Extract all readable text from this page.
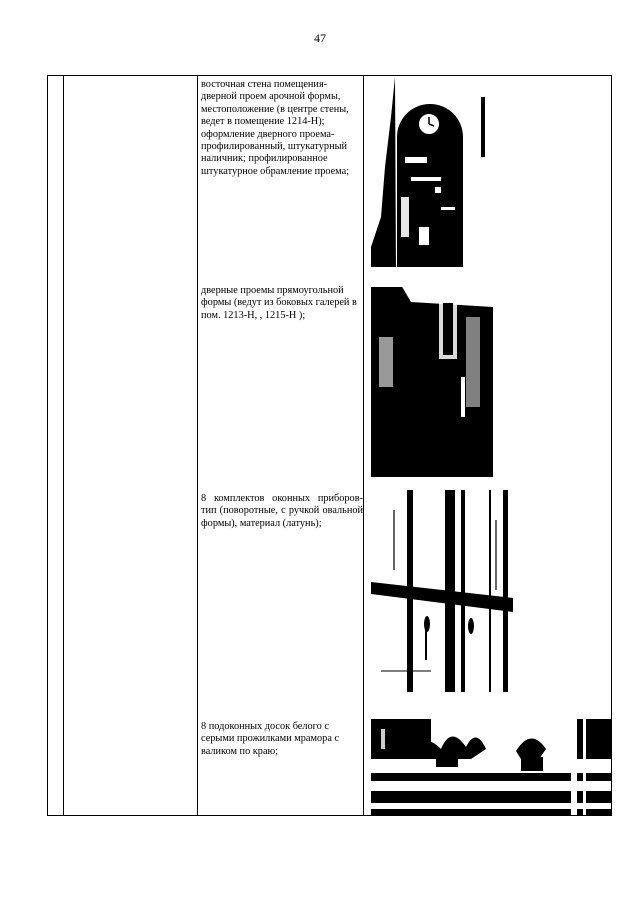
47
восточная стена помещения- дверной проем арочной формы, местоположение (в центре стены, ведет в помещение 1214-Н); оформление дверного проема- профилированный, штукатурный наличник; профилированное штукатурное обрамление проема;
дверные проемы прямоугольной формы (ведут из боковых галерей в пом. 1213-Н, , 1215-Н );
8 комплектов оконных приборов- тип (поворотные, с ручкой овальной формы), материал (латунь);
8 подоконных досок белого с серыми прожилками мрамора с валиком по краю;
